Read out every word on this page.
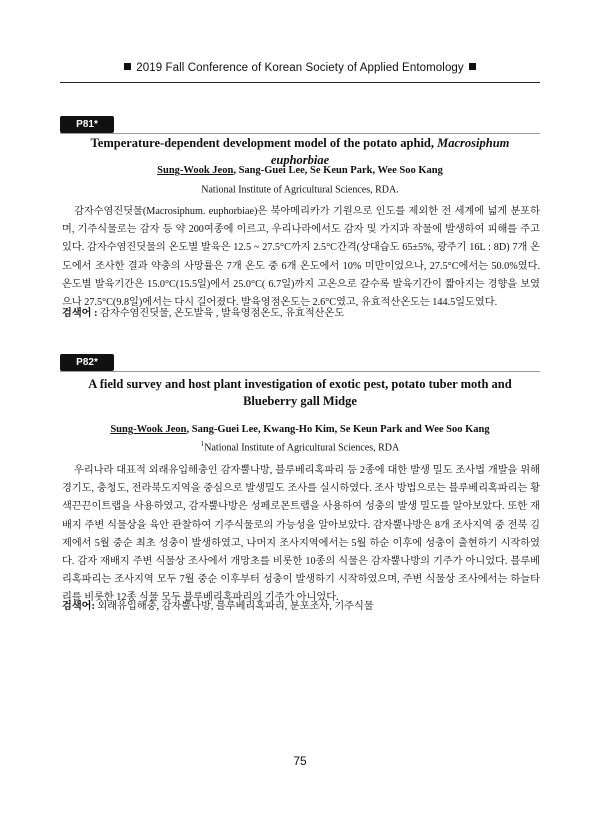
2019 Fall Conference of Korean Society of Applied Entomology
P81*
Temperature-dependent development model of the potato aphid, Macrosiphum euphorbiae
Sung-Wook Jeon, Sang-Guei Lee, Se Keun Park, Wee Soo Kang
National Institute of Agricultural Sciences, RDA.
감자수염진딧물(Macrosiphum. euphorbiae)은 북아메리카가 기원으로 인도를 제외한 전 세계에 넓게 분포하며, 기주식물로는 감자 등 약 200여종에 이르고, 우리나라에서도 감자 및 가지과 작물에 발생하여 피해를 주고 있다. 감자수염진딧물의 온도별 발육은 12.5 ~ 27.5°C까지 2.5°C간격(상대습도 65±5%, 광주기 16L : 8D) 7개 온도에서 조사한 결과 약충의 사망률은 7개 온도 중 6개 온도에서 10% 미만이었으나, 27.5°C에서는 50.0%였다. 온도별 발육기간은 15.0°C(15.5일)에서 25.0°C( 6.7일)까지 고온으로 갈수록 발육기간이 짧아지는 경향을 보였으나 27.5°C(9.8일)에서는 다시 길어졌다. 발육영점온도는 2.6°C였고, 유효적산온도는 144.5일도였다.
검색어 : 감자수염진딧물, 온도발육 , 발육영점온도, 유효적산온도
P82*
A field survey and host plant investigation of exotic pest, potato tuber moth and Blueberry gall Midge
Sung-Wook Jeon, Sang-Guei Lee, Kwang-Ho Kim, Se Keun Park and Wee Soo Kang
$^1$National Institute of Agricultural Sciences, RDA
우리나라 대표적 외래유입해충인 감자뿔나방, 블루베리혹파리 등 2종에 대한 발생 밀도 조사법 개발을 위해 경기도, 충청도, 전라북도지역을 중심으로 발생밀도 조사를 실시하였다. 조사 방법으로는 블루베리혹파리는 황색끈끈이트랩을 사용하였고, 감자뿔나방은 성페로몬트랩을 사용하여 성충의 발생 밀도를 알아보았다. 또한 재배지 주변 식물상을 육안 관찰하여 기주식물로의 가능성을 알아보았다. 감자뿔나방은 8개 조사지역 중 전북 김제에서 5월 중순 최초 성충이 발생하였고, 나머지 조사지역에서는 5월 하순 이후에 성충이 출현하기 시작하였다. 감자 재배지 주변 식물상 조사에서 개망초를 비롯한 10종의 식물은 감자뿔나방의 기주가 아니었다. 블루베리혹파리는 조사지역 모두 7월 중순 이후부터 성충이 발생하기 시작하였으며, 주변 식물상 조사에서는 하늘타리를 비롯한 12종 식물 모두 블루베리혹파리의 기주가 아니었다.
검색어: 외래유입해충, 감자뿔나방, 블루베리혹파리, 분포조사, 기주식물
75
